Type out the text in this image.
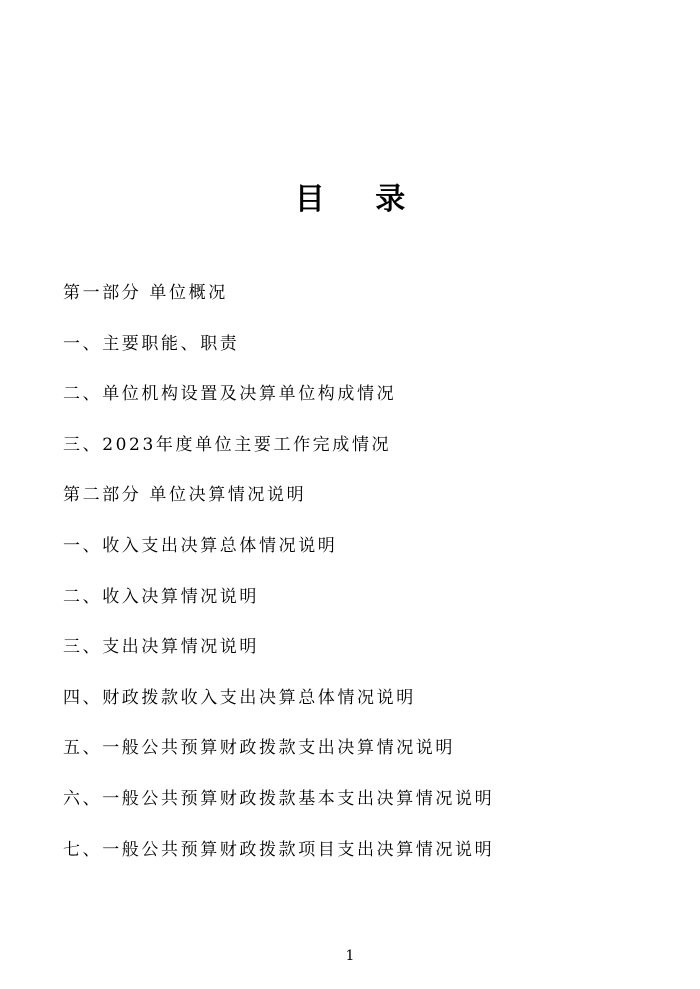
目 录
第一部分 单位概况
一、主要职能、职责
二、单位机构设置及决算单位构成情况
三、2023年度单位主要工作完成情况
第二部分 单位决算情况说明
一、收入支出决算总体情况说明
二、收入决算情况说明
三、支出决算情况说明
四、财政拨款收入支出决算总体情况说明
五、一般公共预算财政拨款支出决算情况说明
六、一般公共预算财政拨款基本支出决算情况说明
七、一般公共预算财政拨款项目支出决算情况说明
1
